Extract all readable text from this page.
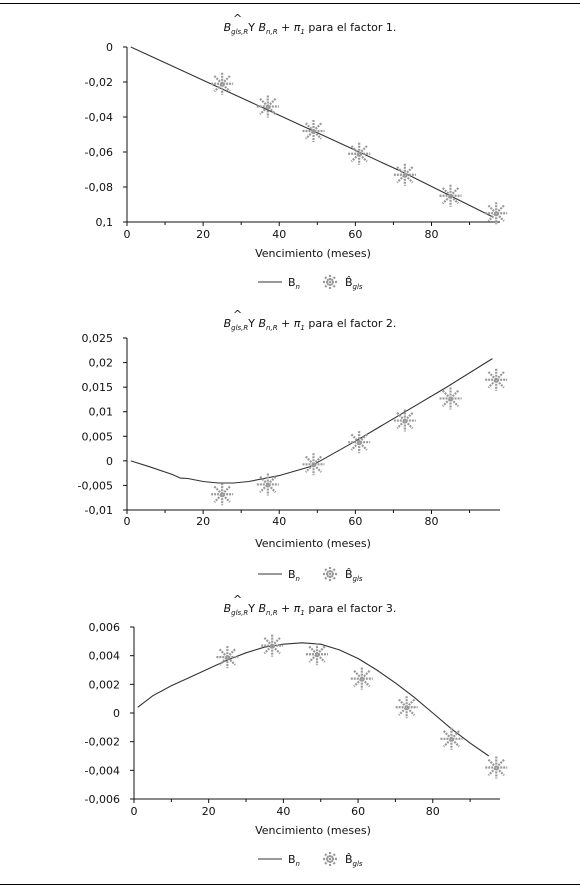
$B_{gls,R}Y$ $B_{n,R} + \pi_1$ para el factor 1.
^
0
-0,02
-0,04
-0,06
-0,08
0,1
0	20	40	60	80
Vencimiento (meses)
$B_n$	$B̂_{gls}$
$B_{gls,R}Y$ $B_{n,R} + \pi_1$ para el factor 2.
^
0,025
0,02
0,015
0,01
0,005
0
-0,005
-0,01
0	20	40	60	80
Vencimiento (meses)
$B_n$	$B̂_{gls}$
$B_{gls,R}Y$ $B_{n,R} + \pi_1$ para el factor 3.
^
0,006
0,004
0,002
0
-0,002
-0,004
-0,006
0	20	40	60	80
Vencimiento (meses)
$B_n$	$B̂_{gls}$
